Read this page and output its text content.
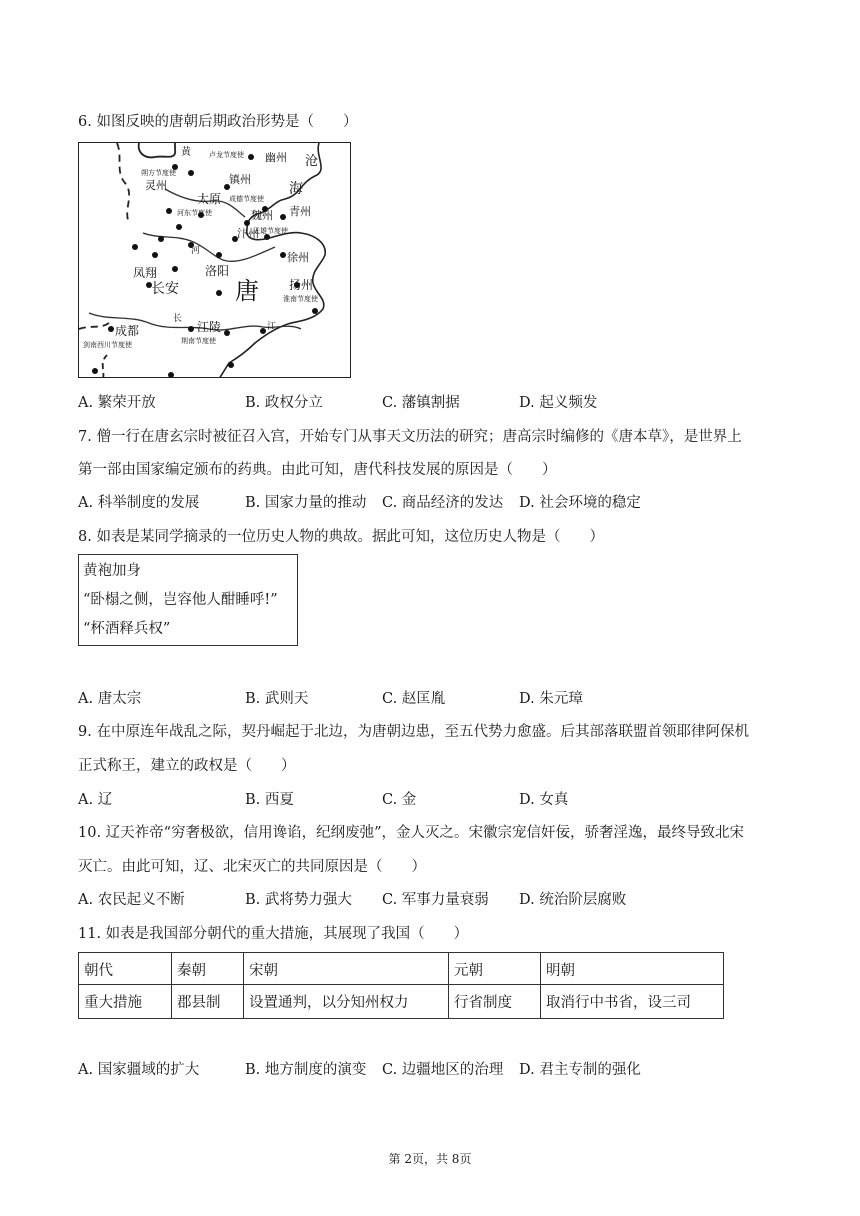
6. 如图反映的唐朝后期政治形势是（　　）
黄	卢龙节度使 幽州 沧
朔方节度使
灵州	镇州
海
太原
河东节度使
成德节度使
魏州 青州
天雄节度使
汴州
河
凤翔	洛阳
徐州
长安 唐	扬州
淮南节度使
长
成都
剑南西川节度使
江陵
荆南节度使
江
A. 繁荣开放	B. 政权分立	C. 藩镇割据	D. 起义频发
7. 僧一行在唐玄宗时被征召入宫，开始专门从事天文历法的研究；唐高宗时编修的《唐本草》，是世界上
第一部由国家编定颁布的药典。由此可知，唐代科技发展的原因是（　　）
A. 科举制度的发展	B. 国家力量的推动 C. 商品经济的发达 D. 社会环境的稳定
8. 如表是某同学摘录的一位历史人物的典故。据此可知，这位历史人物是（　　）
黄袍加身
“卧榻之侧，岂容他人酣睡呼!”
“杯酒释兵权”
A. 唐太宗	B. 武则天	C. 赵匡胤	D. 朱元璋
9. 在中原连年战乱之际，契丹崛起于北边，为唐朝边患，至五代势力愈盛。后其部落联盟首领耶律阿保机
正式称王，建立的政权是（　　）
A. 辽	B. 西夏	C. 金	D. 女真
10. 辽天祚帝“穷奢极欲，信用谗谄，纪纲废弛”，金人灭之。宋徽宗宠信奸佞，骄奢淫逸，最终导致北宋
灭亡。由此可知，辽、北宋灭亡的共同原因是（　　）
A. 农民起义不断	B. 武将势力强大 C. 军事力量衰弱 D. 统治阶层腐败
11. 如表是我国部分朝代的重大措施，其展现了我国（　　）
朝代	秦朝	宋朝	元朝	明朝
重大措施	郡县制	设置通判，以分知州权力	行省制度	取消行中书省，设三司
A. 国家疆域的扩大	B. 地方制度的演变 C. 边疆地区的治理 D. 君主专制的强化
第 2页，共 8页
